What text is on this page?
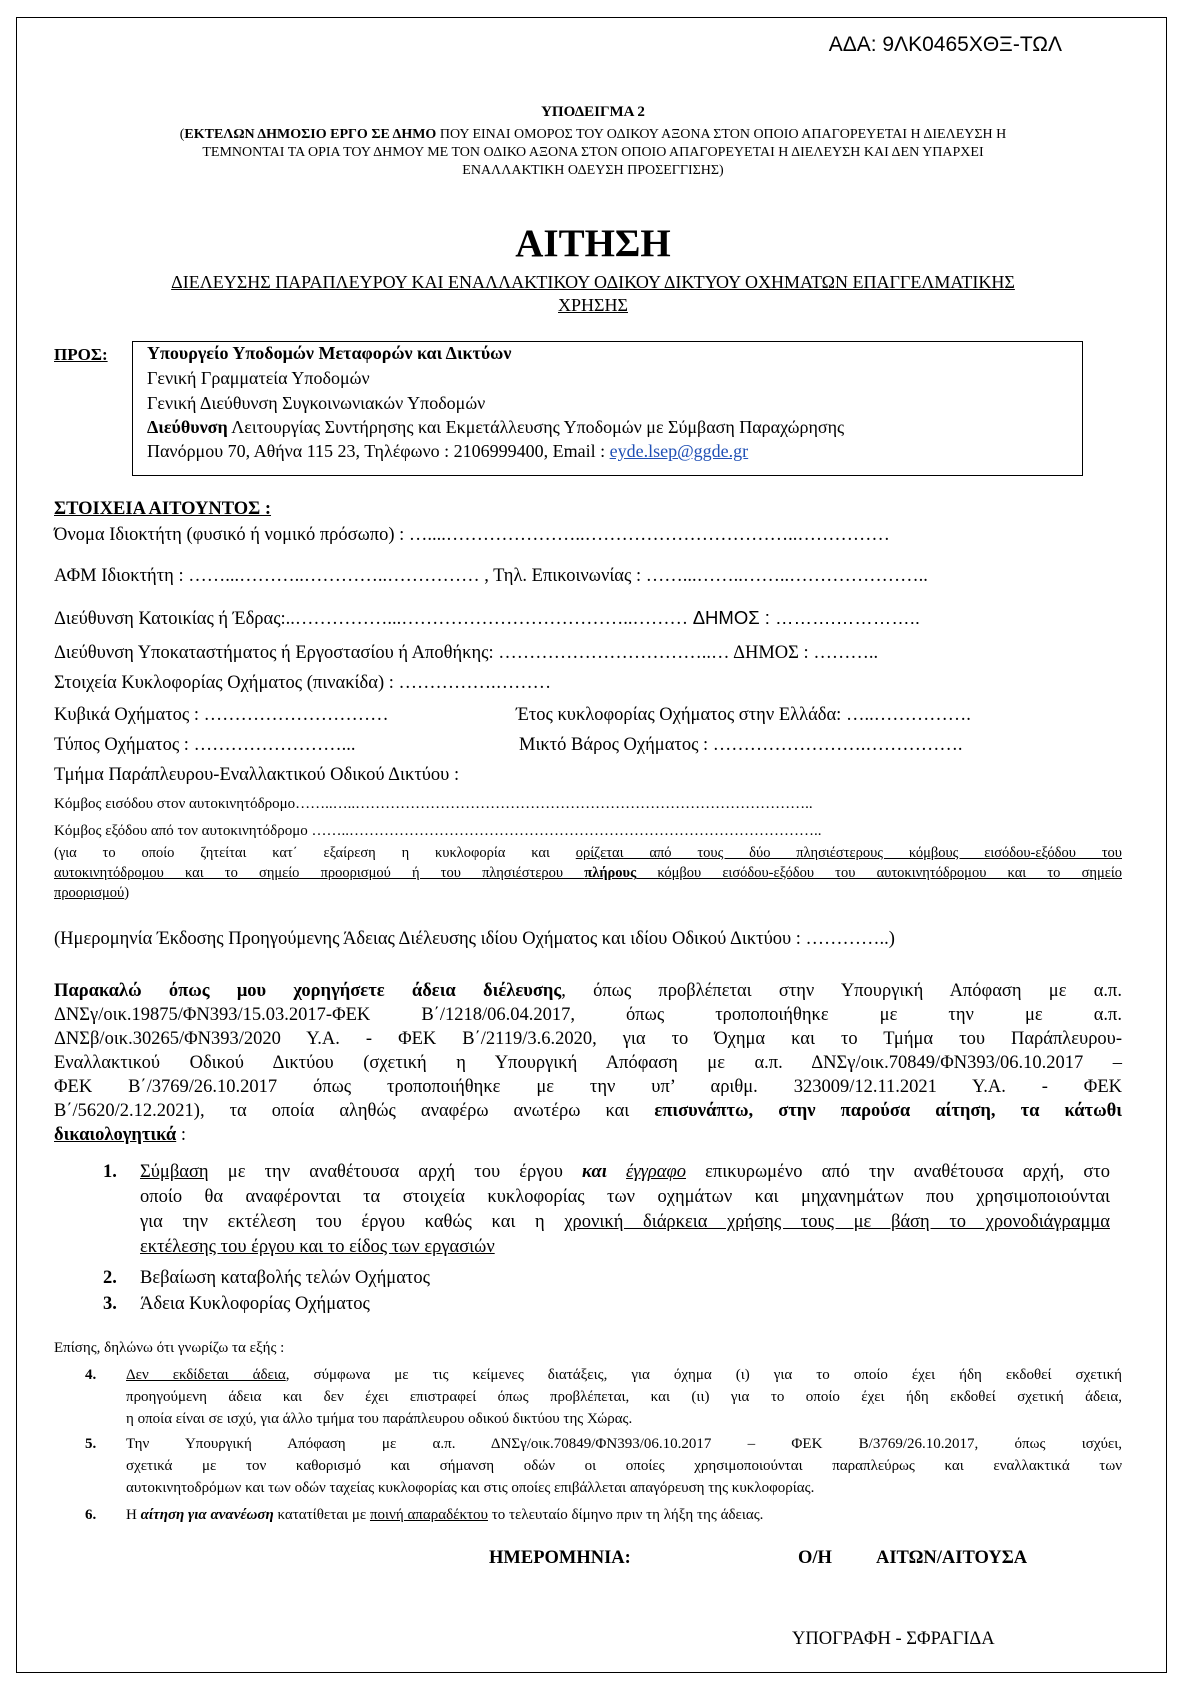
ΑΔΑ: 9ΛΚ0465ΧΘΞ-ΤΩΛ
ΥΠΟΔΕΙΓΜΑ 2
(ΕΚΤΕΛΩΝ ΔΗΜΟΣΙΟ ΕΡΓΟ ΣΕ ΔΗΜΟ ΠΟΥ ΕΙΝΑΙ ΟΜΟΡΟΣ ΤΟΥ ΟΔΙΚΟΥ ΑΞΟΝΑ ΣΤΟΝ ΟΠΟΙΟ ΑΠΑΓΟΡΕΥΕΤΑΙ Η ΔΙΕΛΕΥΣΗ Η
ΤΕΜΝΟΝΤΑΙ ΤΑ ΟΡΙΑ ΤΟΥ ΔΗΜΟΥ ΜΕ ΤΟΝ ΟΔΙΚΟ ΑΞΟΝΑ ΣΤΟΝ ΟΠΟΙΟ ΑΠΑΓΟΡΕΥΕΤΑΙ Η ΔΙΕΛΕΥΣΗ ΚΑΙ ΔΕΝ ΥΠΑΡΧΕΙ
ΕΝΑΛΛΑΚΤΙΚΗ ΟΔΕΥΣΗ ΠΡΟΣΕΓΓΙΣΗΣ)
ΑΙΤΗΣΗ
ΔΙΕΛΕΥΣΗΣ ΠΑΡΑΠΛΕΥΡΟΥ ΚΑΙ ΕΝΑΛΛΑΚΤΙΚΟΥ ΟΔΙΚΟΥ ΔΙΚΤΥΟΥ ΟΧΗΜΑΤΩΝ ΕΠΑΓΓΕΛΜΑΤΙΚΗΣ
ΧΡΗΣΗΣ
ΠΡΟΣ: Υπουργείο Υποδομών Μεταφορών και Δικτύων
Γενική Γραμματεία Υποδομών
Γενική Διεύθυνση Συγκοινωνιακών Υποδομών
Διεύθυνση Λειτουργίας Συντήρησης και Εκμετάλλευσης Υποδομών με Σύμβαση Παραχώρησης
Πανόρμου 70, Αθήνα 115 23, Τηλέφωνο : 2106999400, Email : eyde.lsep@ggde.gr
ΣΤΟΙΧΕΙΑ ΑΙΤΟΥΝΤΟΣ :
Όνομα Ιδιοκτήτη (φυσικό ή νομικό πρόσωπο) : …....…………………..……………………………..……………
ΑΦΜ Ιδιοκτήτη : ……...………..…………..…………… , Τηλ. Επικοινωνίας : ……...……..……..…………………..
Διεύθυνση Κατοικίας ή Έδρας:..……………...………………………………..……… ΔΗΜΟΣ : ……….…………..
Διεύθυνση Υποκαταστήματος ή Εργοστασίου ή Αποθήκης: ……………………………..… ΔΗΜΟΣ : ………..
Στοιχεία Κυκλοφορίας Οχήματος (πινακίδα) : …………….………
Κυβικά Οχήματος : …………………………	Έτος κυκλοφορίας Οχήματος στην Ελλάδα: …..…………….
Τύπος Οχήματος : ……………………...	Μικτό Βάρος Οχήματος : …………………….…………….
Τμήμα Παράπλευρου-Εναλλακτικού Οδικού Δικτύου :
Κόμβος εισόδου στον αυτοκινητόδρομο……..…..………………………………………………………………………………..
Κόμβος εξόδου από τον αυτοκινητόδρομο ……..…………………………………………………………………………………..
(για το οποίο ζητείται κατ΄ εξαίρεση η κυκλοφορία και ορίζεται από τους δύο πλησιέστερους κόμβους εισόδου-εξόδου του
αυτοκινητόδρομου και το σημείο προορισμού ή του πλησιέστερου πλήρους κόμβου εισόδου-εξόδου του αυτοκινητόδρομου και το σημείο
προορισμού)
(Ημερομηνία Έκδοσης Προηγούμενης Άδειας Διέλευσης ιδίου Οχήματος και ιδίου Οδικού Δικτύου : …………..)
Παρακαλώ όπως μου χορηγήσετε άδεια διέλευσης, όπως προβλέπεται στην Υπουργική Απόφαση με α.π.
ΔΝΣγ/οικ.19875/ΦΝ393/15.03.2017-ΦΕΚ Β΄/1218/06.04.2017, όπως τροποποιήθηκε με την με α.π.
ΔΝΣβ/οικ.30265/ΦΝ393/2020 Υ.Α. - ΦΕΚ Β΄/2119/3.6.2020, για το Όχημα και το Τμήμα του Παράπλευρου-
Εναλλακτικού Οδικού Δικτύου (σχετική η Υπουργική Απόφαση με α.π. ΔΝΣγ/οικ.70849/ΦΝ393/06.10.2017 –
ΦΕΚ Β΄/3769/26.10.2017 όπως τροποποιήθηκε με την υπ’ αριθμ. 323009/12.11.2021 Υ.Α. - ΦΕΚ
Β΄/5620/2.12.2021), τα οποία αληθώς αναφέρω ανωτέρω και επισυνάπτω, στην παρούσα αίτηση, τα κάτωθι
δικαιολογητικά :
1. Σύμβαση με την αναθέτουσα αρχή του έργου και έγγραφο επικυρωμένο από την αναθέτουσα αρχή, στο
οποίο θα αναφέρονται τα στοιχεία κυκλοφορίας των οχημάτων και μηχανημάτων που χρησιμοποιούνται
για την εκτέλεση του έργου καθώς και η χρονική διάρκεια χρήσης τους με βάση το χρονοδιάγραμμα
εκτέλεσης του έργου και το είδος των εργασιών
2. Βεβαίωση καταβολής τελών Οχήματος
3. Άδεια Κυκλοφορίας Οχήματος
Επίσης, δηλώνω ότι γνωρίζω τα εξής :
4. Δεν εκδίδεται άδεια, σύμφωνα με τις κείμενες διατάξεις, για όχημα (ι) για το οποίο έχει ήδη εκδοθεί σχετική
προηγούμενη άδεια και δεν έχει επιστραφεί όπως προβλέπεται, και (ιι) για το οποίο έχει ήδη εκδοθεί σχετική άδεια,
η οποία είναι σε ισχύ, για άλλο τμήμα του παράπλευρου οδικού δικτύου της Χώρας.
5. Την Υπουργική Απόφαση με α.π. ΔΝΣγ/οικ.70849/ΦΝ393/06.10.2017 – ΦΕΚ Β/3769/26.10.2017, όπως ισχύει,
σχετικά με τον καθορισμό και σήμανση οδών οι οποίες χρησιμοποιούνται παραπλεύρως και εναλλακτικά των
αυτοκινητοδρόμων και των οδών ταχείας κυκλοφορίας και στις οποίες επιβάλλεται απαγόρευση της κυκλοφορίας.
6. Η αίτηση για ανανέωση κατατίθεται με ποινή απαραδέκτου το τελευταίο δίμηνο πριν τη λήξη της άδειας.
ΗΜΕΡΟΜΗΝΙΑ:	Ο/Η ΑΙΤΩΝ/ΑΙΤΟΥΣΑ
ΥΠΟΓΡΑΦΗ - ΣΦΡΑΓΙΔΑ
